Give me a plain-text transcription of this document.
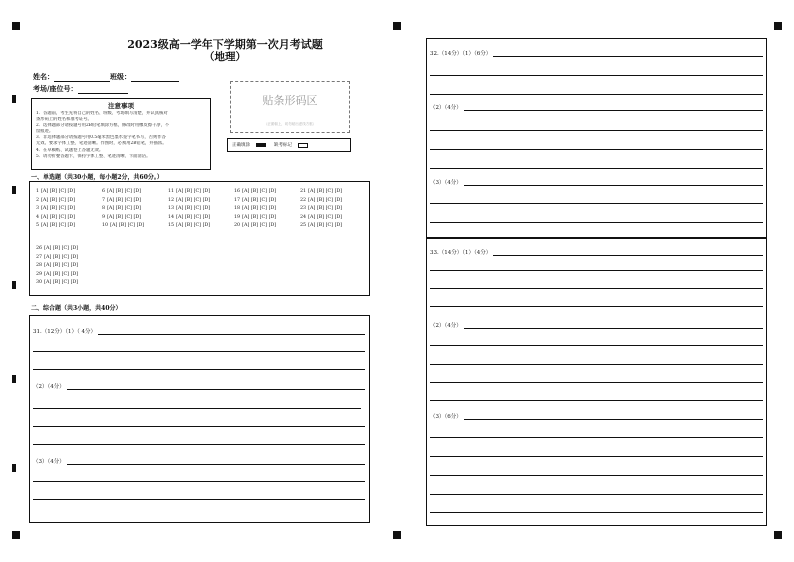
2023级高一学年下学期第一次月考试题
（地理）
姓名：	班级：
考场/座位号：
注意事项
1．答题前，考生先将自己的姓名、班级、考场填写清楚，并认真核对
条形码上的姓名和准考证号。
2．选择题部分请按题号用2B铅笔填涂方框，修改时用橡皮擦干净，不
留痕迹。
3．非选择题部分请按题号用0.5毫米黑色墨水签字笔书写，否则作答
无效。要求字体工整、笔迹清晰。作图时，必须用2B铅笔，并描浓。
4．在草稿纸、试题卷上答题无效。
5．请勿折叠答题卡，保持字体工整、笔迹清晰、卡面清洁。
贴条形码区
（正面朝上，切勿贴出虚线方框）
正确填涂	缺考标记
一、单选题（共30小题，每小题2分，共60分。）
1 [A] [B] [C] [D]	6 [A] [B] [C] [D]	11 [A] [B] [C] [D]	16 [A] [B] [C] [D]	21 [A] [B] [C] [D]
2 [A] [B] [C] [D]	7 [A] [B] [C] [D]	12 [A] [B] [C] [D]	17 [A] [B] [C] [D]	22 [A] [B] [C] [D]
3 [A] [B] [C] [D]	8 [A] [B] [C] [D]	13 [A] [B] [C] [D]	18 [A] [B] [C] [D]	23 [A] [B] [C] [D]
4 [A] [B] [C] [D]	9 [A] [B] [C] [D]	14 [A] [B] [C] [D]	19 [A] [B] [C] [D]	24 [A] [B] [C] [D]
5 [A] [B] [C] [D]	10 [A] [B] [C] [D]	15 [A] [B] [C] [D]	20 [A] [B] [C] [D]	25 [A] [B] [C] [D]
26 [A] [B] [C] [D]
27 [A] [B] [C] [D]
28 [A] [B] [C] [D]
29 [A] [B] [C] [D]
30 [A] [B] [C] [D]
二、综合题（共3小题，共40分）
31.（12分）（1）（ 4分）
（2）（4分）
（3）（4分）
32.（14分）（1）（6分）
（2）（4分）
（3）（4分）
33.（14分）（1）（4分）
（2）（4分）
（3）（6分）
